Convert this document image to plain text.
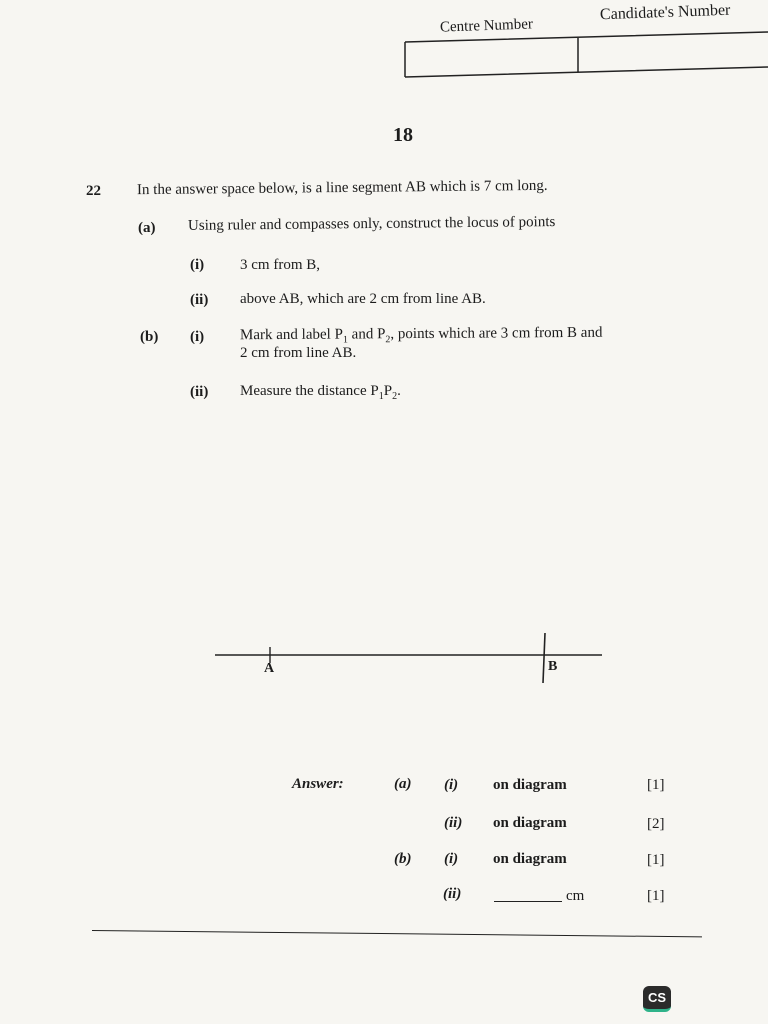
Centre Number
Candidate's Number
18
22 In the answer space below, is a line segment AB which is 7 cm long.
(a) Using ruler and compasses only, construct the locus of points
(i) 3 cm from B,
(ii) above AB, which are 2 cm from line AB.
(b) (i) Mark and label $P_1$ and $P_2$, points which are 3 cm from B and
2 cm from line AB.
(ii) Measure the distance $P_1P_2$.
A	B
Answer:	(a) (i) on diagram	[1]
(ii) on diagram	[2]
(b) (i) on diagram	[1]
(ii)	cm	[1]
CS
